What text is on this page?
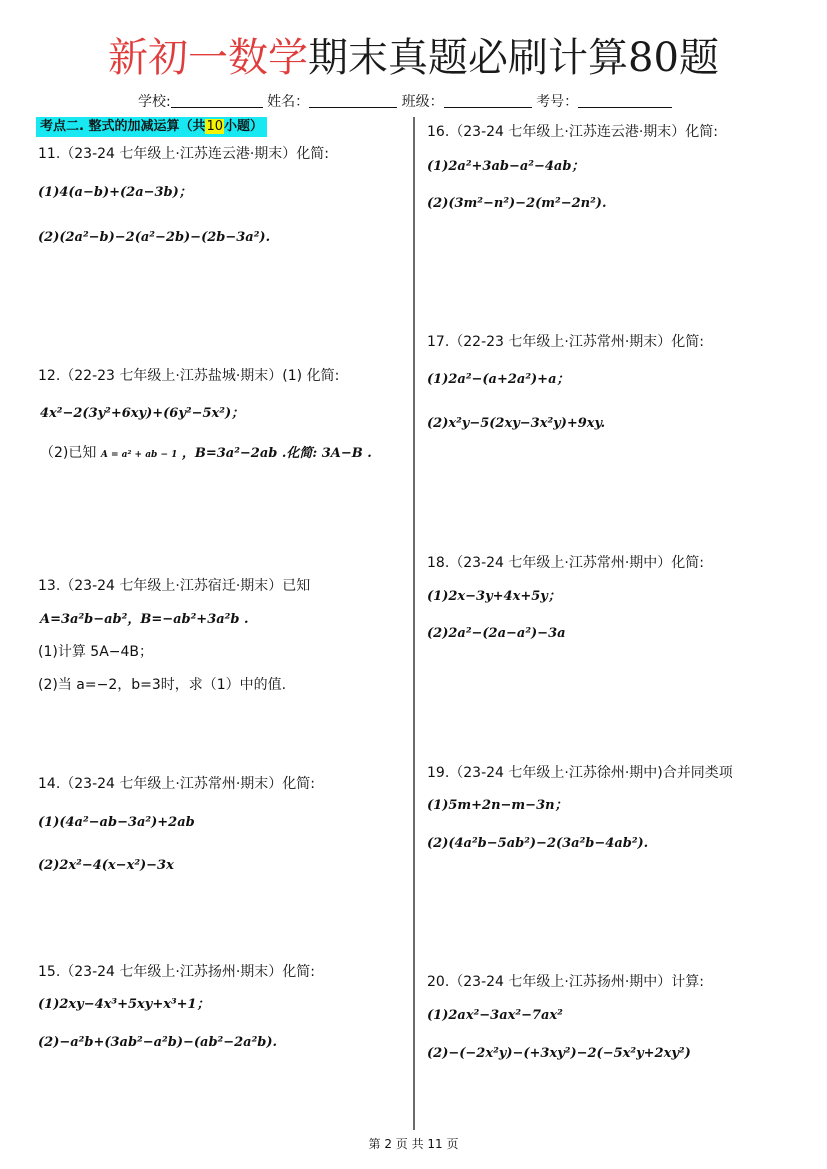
新初一数学期末真题必刷计算80题
学校:	姓名：	班级：	考号：
考点二. 整式的加减运算（共10小题）
11.（23-24 七年级上·江苏连云港·期末）化简:
(1)4(a−b)+(2a−3b)；
(2)(2a²−b)−2(a²−2b)−(2b−3a²).
12.（22-23 七年级上·江苏盐城·期末）(1) 化简:
4x²−2(3y²+6xy)+(6y²−5x²)；
（2)已知 A = a² + ab − 1 ，B=3a²−2ab .化简: 3A−B .
13.（23-24 七年级上·江苏宿迁·期末）已知
A=3a²b−ab²，B=−ab²+3a²b .
(1)计算 5A−4B；
(2)当 a=−2，b=3时，求（1）中的值.
14.（23-24 七年级上·江苏常州·期末）化简:
(1)(4a²−ab−3a²)+2ab
(2)2x²−4(x−x²)−3x
15.（23-24 七年级上·江苏扬州·期末）化简:
(1)2xy−4x³+5xy+x³+1；
(2)−a²b+(3ab²−a²b)−(ab²−2a²b).
16.（23-24 七年级上·江苏连云港·期末）化简:
(1)2a²+3ab−a²−4ab；
(2)(3m²−n²)−2(m²−2n²).
17.（22-23 七年级上·江苏常州·期末）化简:
(1)2a²−(a+2a²)+a；
(2)x²y−5(2xy−3x²y)+9xy.
18.（23-24 七年级上·江苏常州·期中）化简:
(1)2x−3y+4x+5y；
(2)2a²−(2a−a²)−3a
19.（23-24 七年级上·江苏徐州·期中)合并同类项
(1)5m+2n−m−3n；
(2)(4a²b−5ab²)−2(3a²b−4ab²).
20.（23-24 七年级上·江苏扬州·期中）计算:
(1)2ax²−3ax²−7ax²
(2)−(−2x²y)−(+3xy²)−2(−5x²y+2xy²)
第 2 页 共 11 页
